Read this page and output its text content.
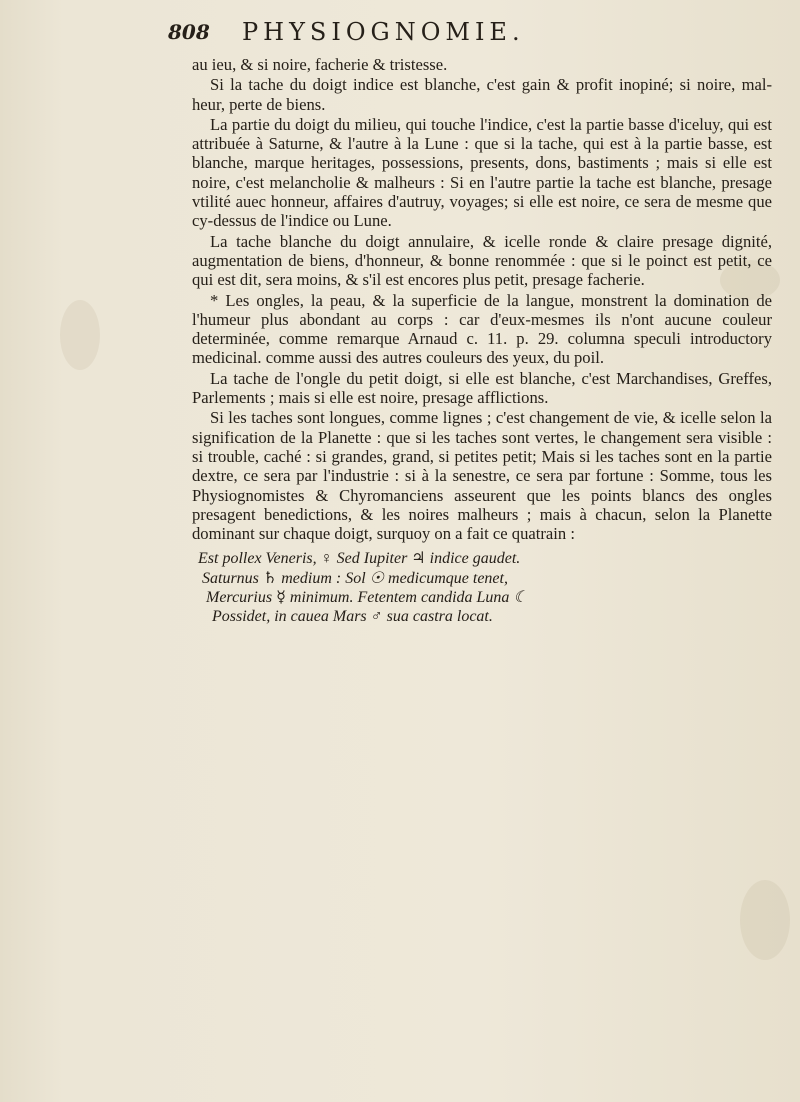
808 PHYSIOGNOMIE.

au ieu, & si noire, facherie & tristesse.

Si la tache du doigt indice est blanche, c'est gain & profit inopiné; si noire, mal-heur, perte de biens.

La partie du doigt du milieu, qui touche l'indice, c'est la partie basse d'iceluy, qui est attribuée à Saturne, & l'autre à la Lune : que si la tache, qui est à la partie basse, est blanche, marque heritages, possessions, presents, dons, bastiments ; mais si elle est noire, c'est melancholie & malheurs : Si en l'autre partie la tache est blanche, presage vtilité auec honneur, affaires d'autruy, voyages; si elle est noire, ce sera de mesme que cy-dessus de l'indice ou Lune.

La tache blanche du doigt annulaire, & icelle ronde & claire presage dignité, augmentation de biens, d'honneur, & bonne renommée : que si le poinct est petit, ce qui est dit, sera moins, & s'il est encores plus petit, presage facherie.

* Les ongles, la peau, & la superficie de la langue, monstrent la domination de l'humeur plus abondant au corps : car d'eux-mesmes ils n'ont aucune couleur determinée, comme remarque Arnaud c. 11. p. 29. columna speculi introductory medicinal. comme aussi des autres couleurs des yeux, du poil.

La tache de l'ongle du petit doigt, si elle est blanche, c'est Marchandises, Greffes, Parlements ; mais si elle est noire, presage afflictions.

Si les taches sont longues, comme lignes ; c'est changement de vie, & icelle selon la signification de la Planette : que si les taches sont vertes, le changement sera visible : si trouble, caché : si grandes, grand, si petites petit; Mais si les taches sont en la partie dextre, ce sera par l'industrie : si à la senestre, ce sera par fortune : Somme, tous les Physiognomistes & Chyromanciens asseurent que les points blancs des ongles presagent benedictions, & les noires malheurs ; mais à chacun, selon la Planette dominant sur chaque doigt, surquoy on a fait ce quatrain :

Est pollex Veneris, ♀ Sed Iupiter ♃ indice gaudet.
Saturnus ♄ medium : Sol ☉ medicumque tenet,
Mercurius ☿ minimum. Fetentem candida Luna ☾
Possidet, in cauea Mars ♂ sua castra locat.
